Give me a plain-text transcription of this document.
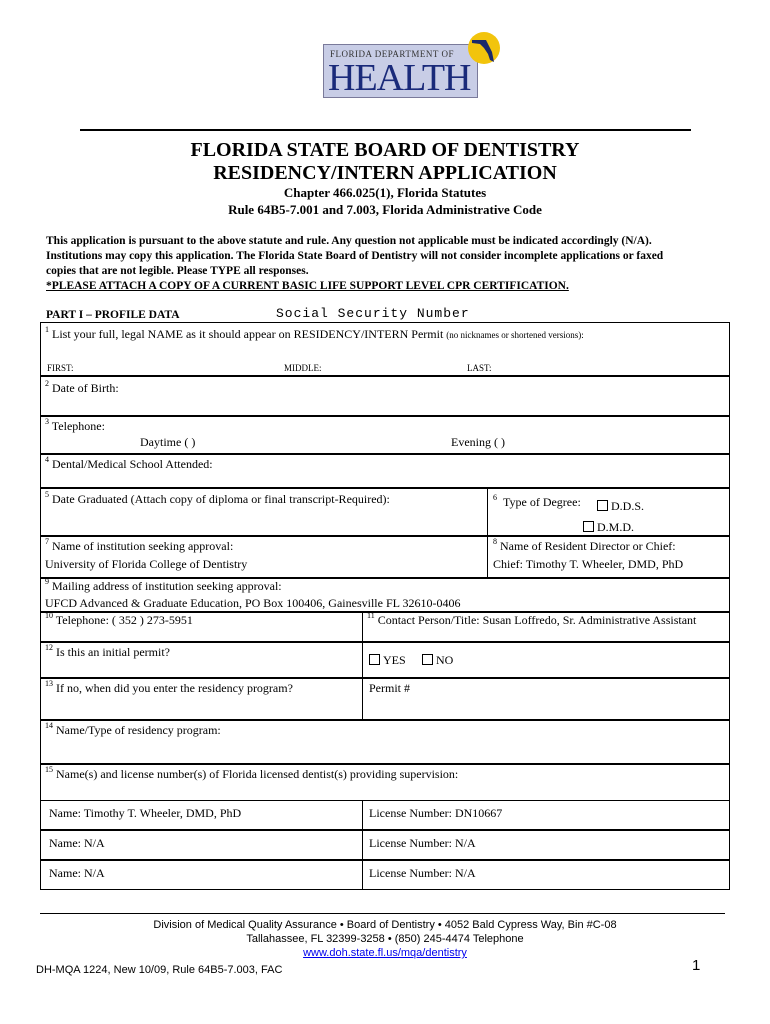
FLORIDA DEPARTMENT OF
HEALTH
FLORIDA STATE BOARD OF DENTISTRY
RESIDENCY/INTERN APPLICATION
Chapter 466.025(1), Florida Statutes
Rule 64B5-7.001 and 7.003, Florida Administrative Code
This application is pursuant to the above statute and rule. Any question not applicable must be indicated accordingly (N/A).
Institutions may copy this application. The Florida State Board of Dentistry will not consider incomplete applications or faxed
copies that are not legible. Please TYPE all responses.
*PLEASE ATTACH A COPY OF A CURRENT BASIC LIFE SUPPORT LEVEL CPR CERTIFICATION.
PART I – PROFILE DATA	Social Security Number
$^1$ List your full, legal NAME as it should appear on RESIDENCY/INTERN Permit (no nicknames or shortened versions):
FIRST:	MIDDLE:	LAST:
$^2$ Date of Birth:
$^3$ Telephone:
Daytime ( )	Evening ( )
$^4$ Dental/Medical School Attended:
$^5$ Date Graduated (Attach copy of diploma or final transcript-Required):	$^6$ Type of Degree:	D.D.S.
D.M.D.
$^7$ Name of institution seeking approval:
University of Florida College of Dentistry
$^8$ Name of Resident Director or Chief:
Chief: Timothy T. Wheeler, DMD, PhD
$^9$ Mailing address of institution seeking approval:
UFCD Advanced & Graduate Education, PO Box 100406, Gainesville FL 32610-0406
$^{10}$ Telephone: ( 352 ) 273-5951	$^{11}$ Contact Person/Title: Susan Loffredo, Sr. Administrative Assistant
$^{12}$ Is this an initial permit?
YES	NO
$^{13}$ If no, when did you enter the residency program?	Permit #
$^{14}$ Name/Type of residency program:
$^{15}$ Name(s) and license number(s) of Florida licensed dentist(s) providing supervision:
Name: Timothy T. Wheeler, DMD, PhD	License Number: DN10667
Name: N/A	License Number: N/A
Name: N/A	License Number: N/A
Division of Medical Quality Assurance • Board of Dentistry • 4052 Bald Cypress Way, Bin #C-08
Tallahassee, FL 32399-3258 • (850) 245-4474 Telephone
www.doh.state.fl.us/mqa/dentistry
DH-MQA 1224, New 10/09, Rule 64B5-7.003, FAC	1
